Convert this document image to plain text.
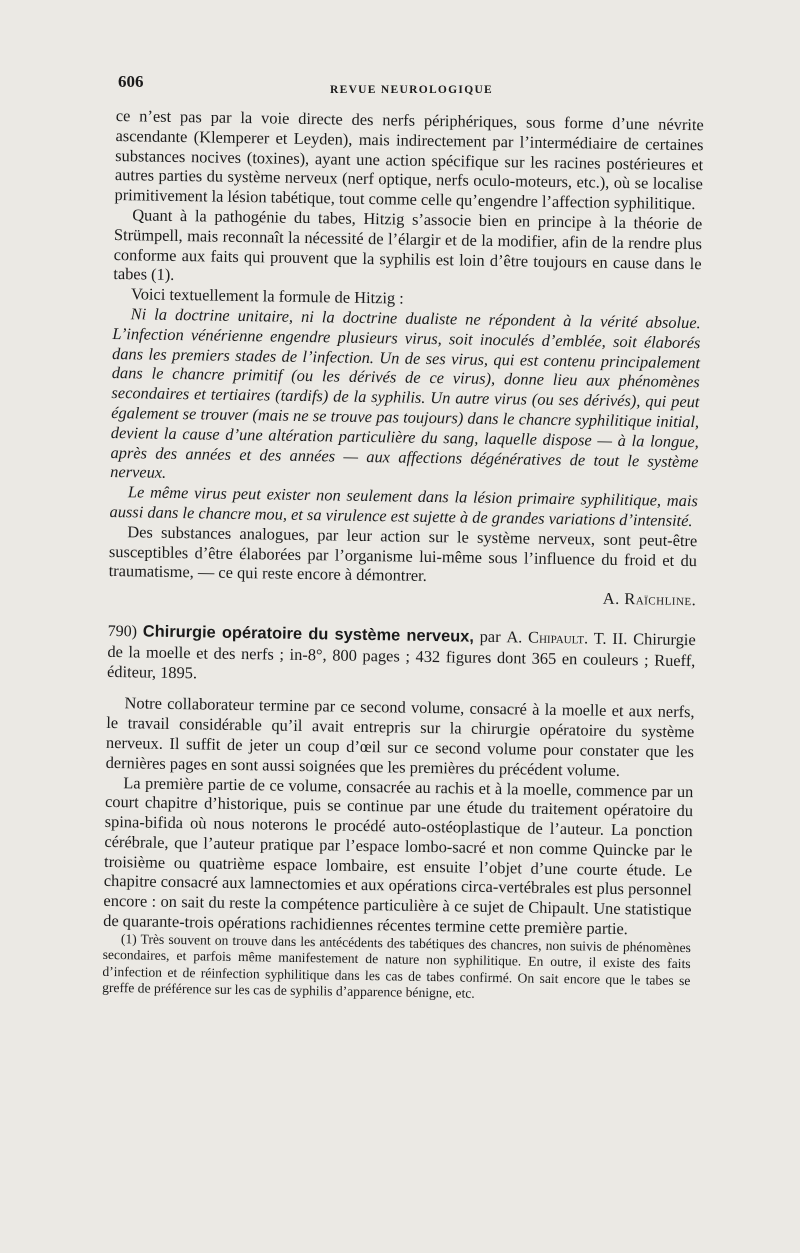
606	REVUE NEUROLOGIQUE

ce n’est pas par la voie directe des nerfs périphériques, sous forme d’une névrite ascendante (Klemperer et Leyden), mais indirectement par l’intermédiaire de certaines substances nocives (toxines), ayant une action spécifique sur les racines postérieures et autres parties du système nerveux (nerf optique, nerfs oculo-moteurs, etc.), où se localise primitivement la lésion tabétique, tout comme celle qu’engendre l’affection syphilitique.

Quant à la pathogénie du tabes, Hitzig s’associe bien en principe à la théorie de Strümpell, mais reconnaît la nécessité de l’élargir et de la modifier, afin de la rendre plus conforme aux faits qui prouvent que la syphilis est loin d’être toujours en cause dans le tabes (1).

Voici textuellement la formule de Hitzig :

Ni la doctrine unitaire, ni la doctrine dualiste ne répondent à la vérité absolue. L’infection vénérienne engendre plusieurs virus, soit inoculés d’emblée, soit élaborés dans les premiers stades de l’infection. Un de ses virus, qui est contenu principalement dans le chancre primitif (ou les dérivés de ce virus), donne lieu aux phénomènes secondaires et tertiaires (tardifs) de la syphilis. Un autre virus (ou ses dérivés), qui peut également se trouver (mais ne se trouve pas toujours) dans le chancre syphilitique initial, devient la cause d’une altération particulière du sang, laquelle dispose — à la longue, après des années et des années — aux affections dégénératives de tout le système nerveux.

Le même virus peut exister non seulement dans la lésion primaire syphilitique, mais aussi dans le chancre mou, et sa virulence est sujette à de grandes variations d’intensité.

Des substances analogues, par leur action sur le système nerveux, sont peut-être susceptibles d’être élaborées par l’organisme lui-même sous l’influence du froid et du traumatisme, — ce qui reste encore à démontrer.

A. Raïchline.

790) Chirurgie opératoire du système nerveux, par A. Chipault. T. II. Chirurgie de la moelle et des nerfs ; in-8°, 800 pages ; 432 figures dont 365 en couleurs ; Rueff, éditeur, 1895.

Notre collaborateur termine par ce second volume, consacré à la moelle et aux nerfs, le travail considérable qu’il avait entrepris sur la chirurgie opératoire du système nerveux. Il suffit de jeter un coup d’œil sur ce second volume pour constater que les dernières pages en sont aussi soignées que les premières du précédent volume.

La première partie de ce volume, consacrée au rachis et à la moelle, commence par un court chapitre d’historique, puis se continue par une étude du traitement opératoire du spina-bifida où nous noterons le procédé auto-ostéoplastique de l’auteur. La ponction cérébrale, que l’auteur pratique par l’espace lombo-sacré et non comme Quincke par le troisième ou quatrième espace lombaire, est ensuite l’objet d’une courte étude. Le chapitre consacré aux lamnectomies et aux opérations circa-vertébrales est plus personnel encore : on sait du reste la compétence particulière à ce sujet de Chipault. Une statistique de quarante-trois opérations rachidiennes récentes termine cette première partie.

(1) Très souvent on trouve dans les antécédents des tabétiques des chancres, non suivis de phénomènes secondaires, et parfois même manifestement de nature non syphilitique. En outre, il existe des faits d’infection et de réinfection syphilitique dans les cas de tabes confirmé. On sait encore que le tabes se greffe de préférence sur les cas de syphilis d’apparence bénigne, etc.
